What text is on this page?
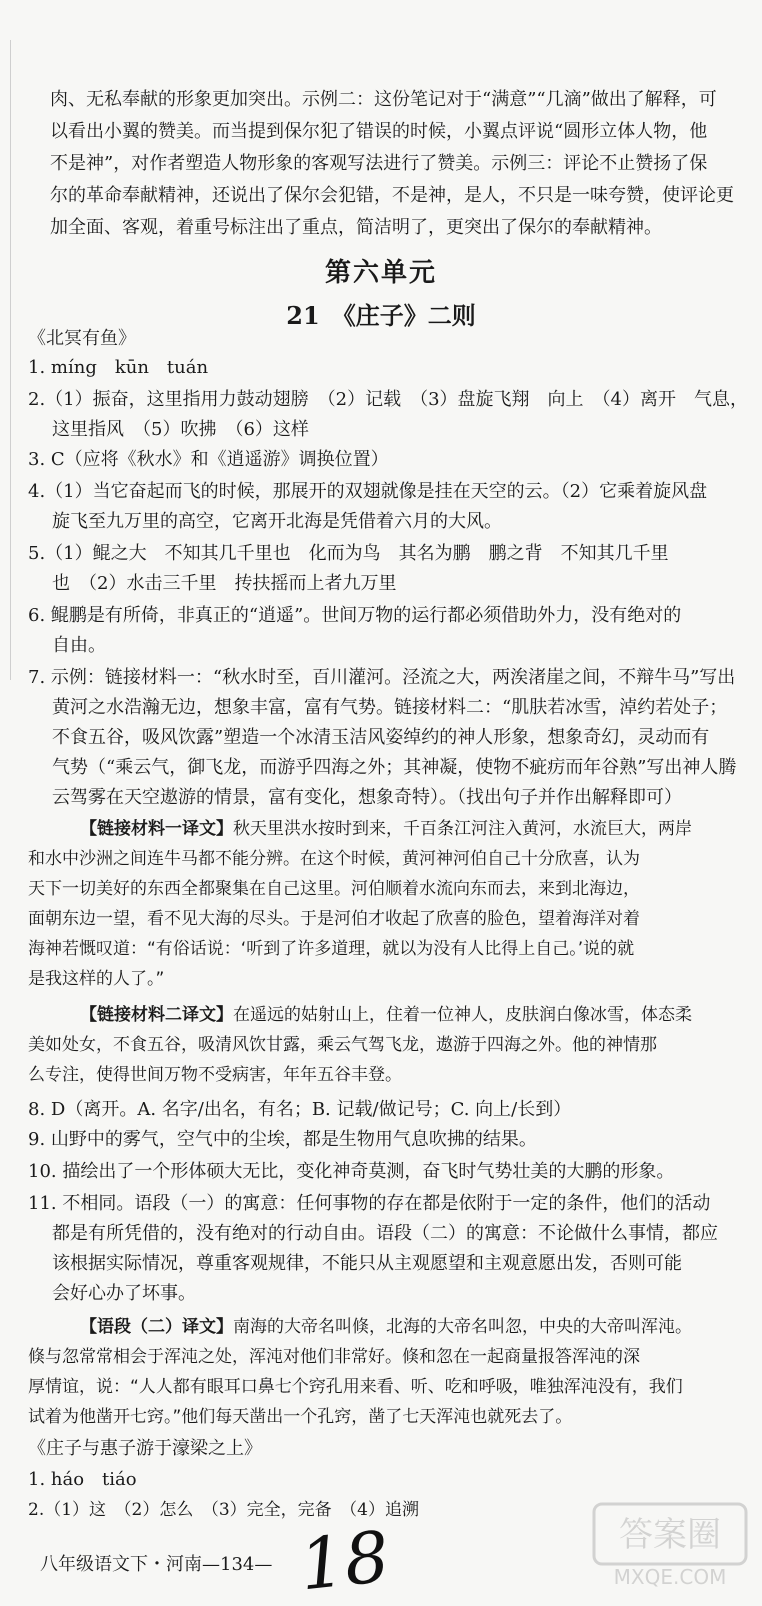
肉、无私奉献的形象更加突出。示例二：这份笔记对于“满意”“几滴”做出了解释，可
以看出小翼的赞美。而当提到保尔犯了错误的时候，小翼点评说“圆形立体人物，他
不是神”，对作者塑造人物形象的客观写法进行了赞美。示例三：评论不止赞扬了保
尔的革命奉献精神，还说出了保尔会犯错，不是神，是人，不只是一味夸赞，使评论更
加全面、客观，着重号标注出了重点，简洁明了，更突出了保尔的奉献精神。
第六单元
21　《庄子》二则
《北冥有鱼》
1. míng　kūn　tuán
2.（1）振奋，这里指用力鼓动翅膀　（2）记载　（3）盘旋飞翔　向上　（4）离开　气息，
这里指风　（5）吹拂　（6）这样
3. C（应将《秋水》和《逍遥游》调换位置）
4.（1）当它奋起而飞的时候，那展开的双翅就像是挂在天空的云。（2）它乘着旋风盘
旋飞至九万里的高空，它离开北海是凭借着六月的大风。
5.（1）鲲之大　不知其几千里也　化而为鸟　其名为鹏　鹏之背　不知其几千里
也　（2）水击三千里　抟扶摇而上者九万里
6. 鲲鹏是有所倚，非真正的“逍遥”。世间万物的运行都必须借助外力，没有绝对的
自由。
7. 示例：链接材料一：“秋水时至，百川灌河。泾流之大，两涘渚崖之间，不辩牛马”写出
黄河之水浩瀚无边，想象丰富，富有气势。链接材料二：“肌肤若冰雪，淖约若处子；
不食五谷，吸风饮露”塑造一个冰清玉洁风姿绰约的神人形象，想象奇幻，灵动而有
气势（“乘云气，御飞龙，而游乎四海之外；其神凝，使物不疵疠而年谷熟”写出神人腾
云驾雾在天空遨游的情景，富有变化，想象奇特）。（找出句子并作出解释即可）
【链接材料一译文】秋天里洪水按时到来，千百条江河注入黄河，水流巨大，两岸
和水中沙洲之间连牛马都不能分辨。在这个时候，黄河神河伯自己十分欣喜，认为
天下一切美好的东西全都聚集在自己这里。河伯顺着水流向东而去，来到北海边，
面朝东边一望，看不见大海的尽头。于是河伯才收起了欣喜的脸色，望着海洋对着
海神若慨叹道：“有俗话说：‘听到了许多道理，就以为没有人比得上自己。’说的就
是我这样的人了。”
【链接材料二译文】在遥远的姑射山上，住着一位神人，皮肤润白像冰雪，体态柔
美如处女，不食五谷，吸清风饮甘露，乘云气驾飞龙，遨游于四海之外。他的神情那
么专注，使得世间万物不受病害，年年五谷丰登。
8. D（离开。A. 名字/出名，有名；B. 记载/做记号；C. 向上/长到）
9. 山野中的雾气，空气中的尘埃，都是生物用气息吹拂的结果。
10. 描绘出了一个形体硕大无比，变化神奇莫测，奋飞时气势壮美的大鹏的形象。
11. 不相同。语段（一）的寓意：任何事物的存在都是依附于一定的条件，他们的活动
都是有所凭借的，没有绝对的行动自由。语段（二）的寓意：不论做什么事情，都应
该根据实际情况，尊重客观规律，不能只从主观愿望和主观意愿出发，否则可能
会好心办了坏事。
【语段（二）译文】南海的大帝名叫倏，北海的大帝名叫忽，中央的大帝叫浑沌。
倏与忽常常相会于浑沌之处，浑沌对他们非常好。倏和忽在一起商量报答浑沌的深
厚情谊，说：“人人都有眼耳口鼻七个窍孔用来看、听、吃和呼吸，唯独浑沌没有，我们
试着为他凿开七窍。”他们每天凿出一个孔窍，凿了七天浑沌也就死去了。
《庄子与惠子游于濠梁之上》
1. háo　tiáo
2.（1）这　（2）怎么　（3）完全，完备　（4）追溯
八年级语文下・河南—134— 18	答案圈
MXQE.COM
